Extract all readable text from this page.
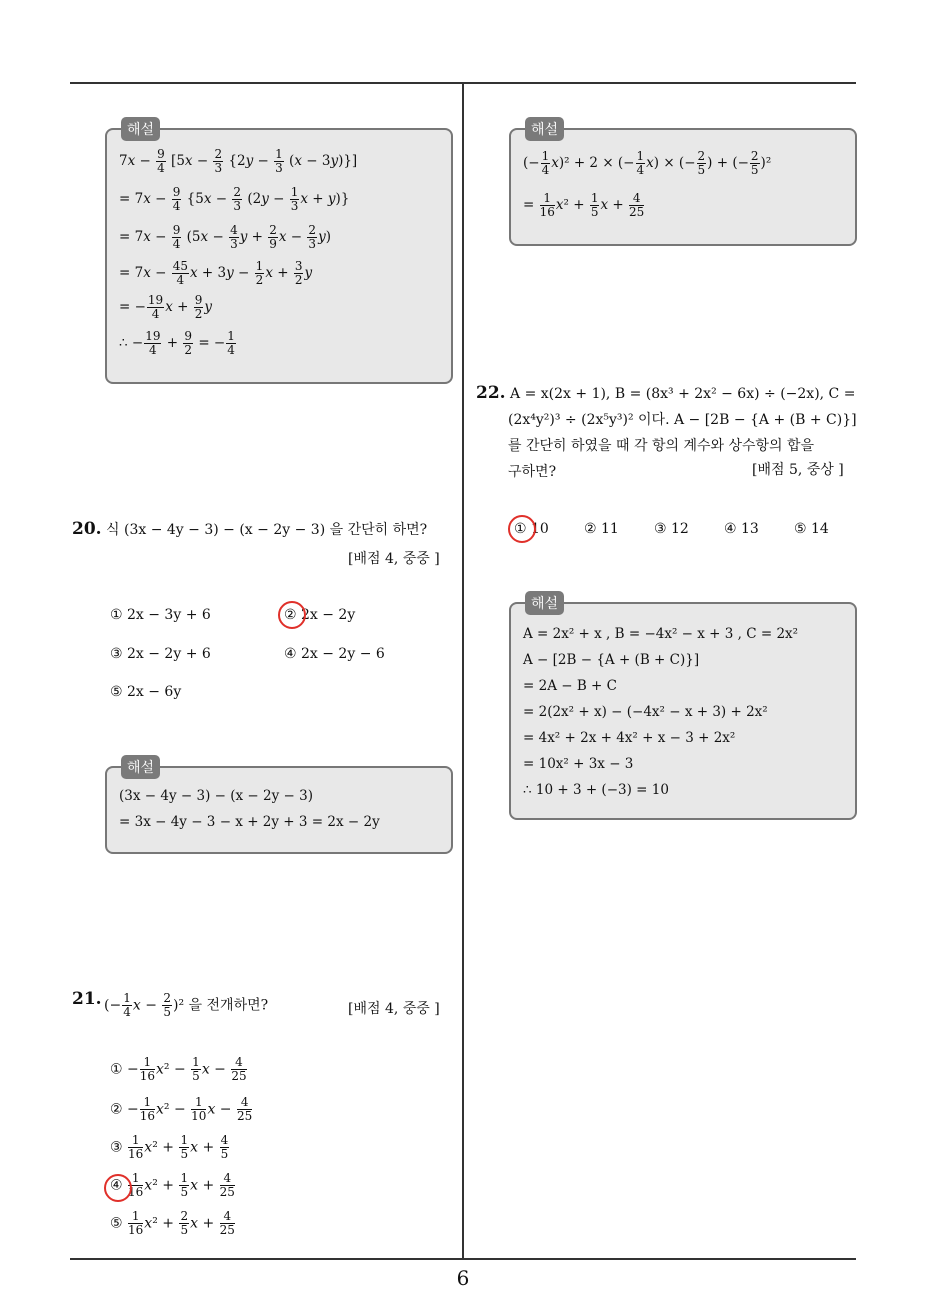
해설
$7x - \frac{9}{4} [5x - \frac{2}{3} \{2y - \frac{1}{3} (x - 3y)\}]$
= $7x - \frac{9}{4} \{5x - \frac{2}{3} (2y - \frac{1}{3}$ x + y)}
= $7x - \frac{9}{4} (5x - \frac{4}{3}$ $y + \frac{2}{9}$ $x - \frac{2}{3} y$)
= $7x - \frac{45}{4}$ $x + 3y - \frac{1}{2}$ $x + \frac{3}{2}$ y
= − $\frac{19}{4}$ $x + \frac{9}{2}$ y
∴ − $\frac{19}{4} + \frac{9}{2}$ = − $\frac{1}{4}$
20. 식 (3x − 4y − 3) − (x − 2y − 3) 을 간단히 하면?
[배점 4, 중중 ]
① 2x − 3y + 6	② 2x − 2y
③ 2x − 2y + 6	④ 2x − 2y − 6
⑤ 2x − 6y
해설
(3x − 4y − 3) − (x − 2y − 3)
= 3x − 4y − 3 − x + 2y + 3 = 2x − 2y
21. (− $\frac{1}{4}$ $x - \frac{2}{5} )^2$ 을 전개하면?	[배점 4, 중중 ]
① − $\frac{1}{16} x^2 - \frac{1}{5}$ $x - \frac{4}{25}$
② − $\frac{1}{16} x^2 - \frac{1}{10}$ $x - \frac{4}{25}$
③ $\frac{1}{16} x^2 + \frac{1}{5}$ $x + \frac{4}{5}$
④ $\frac{1}{16} x^2 + \frac{1}{5}$ $x + \frac{4}{25}$
⑤ $\frac{1}{16} x^2 + \frac{2}{5}$ $x + \frac{4}{25}$
해설
(− $\frac{1}{4} x)^2 + 2$ × (− $\frac{1}{4} x$) × (− $\frac{2}{5}$ ) + (− $\frac{2}{5} )^2$
= $\frac{1}{16} x^2 + \frac{1}{5}$ $x + \frac{4}{25}$
22. A = x(2x + 1), B = (8x³ + 2x² − 6x) ÷ (−2x), C =
(2x⁴y²)³ ÷ (2x⁵y³)² 이다. A − [2B − {A + (B + C)}]
를 간단히 하였을 때 각 항의 계수와 상수항의 합을
구하면?	[배점 5, 중상 ]
① 10	② 11	③ 12	④ 13	⑤ 14
해설
A = 2x² + x , B = −4x² − x + 3 , C = 2x²
A − [2B − {A + (B + C)}]
= 2A − B + C
= 2(2x² + x) − (−4x² − x + 3) + 2x²
= 4x² + 2x + 4x² + x − 3 + 2x²
= 10x² + 3x − 3
∴ 10 + 3 + (−3) = 10
6
